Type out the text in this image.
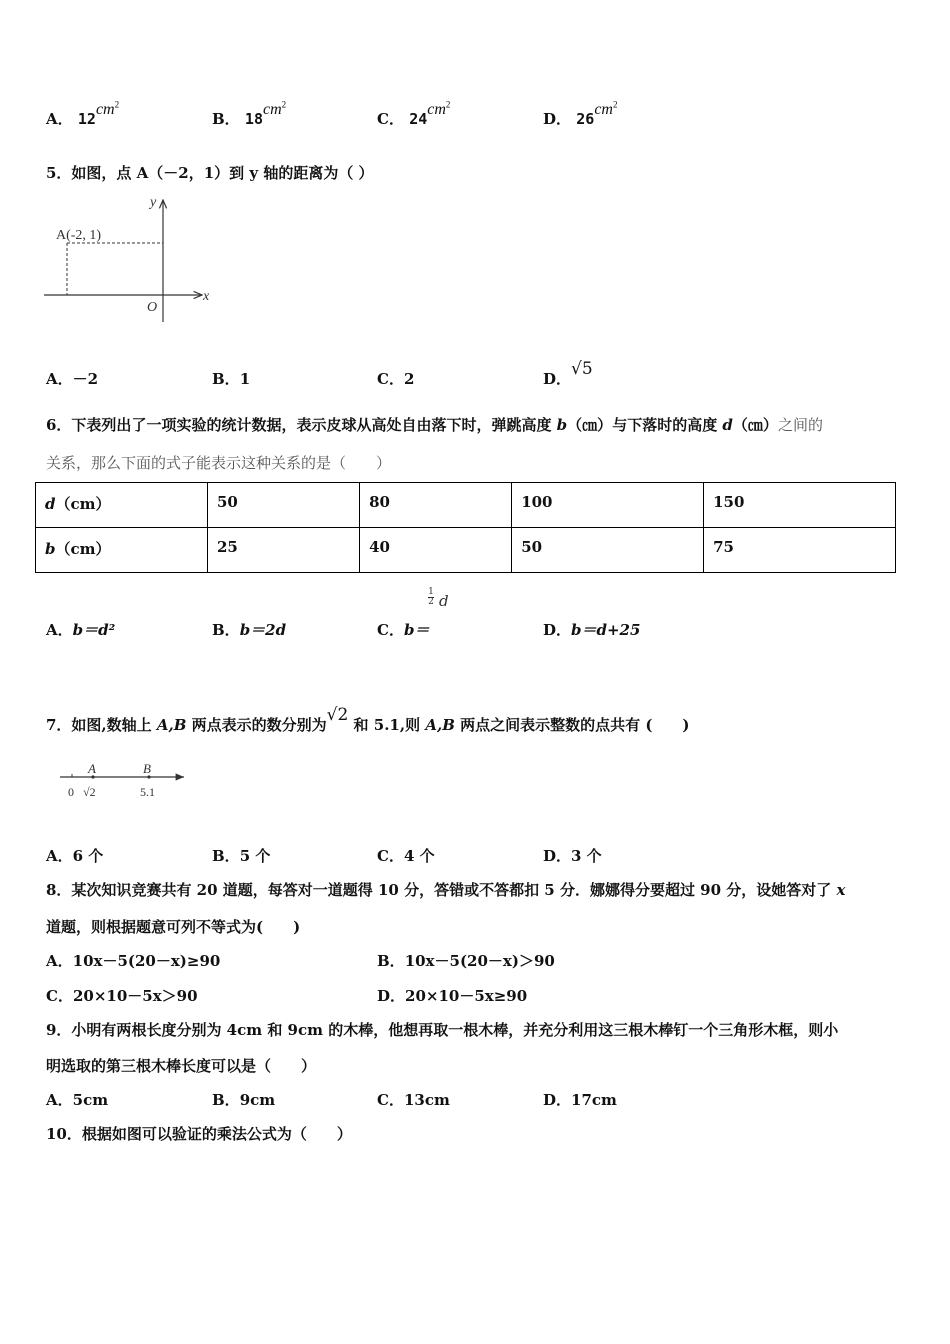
A． $12cm^2$
B． $18cm^2$
C． $24cm^2$
D． $26cm^2$
5．如图，点 A（－2，1）到 y 轴的距离为（ ）
y
x
O
A(-2, 1)
A．－2	B．1	C．2	D．√5
6．下表列出了一项实验的统计数据，表示皮球从高处自由落下时，弹跳高度 b（㎝）与下落时的高度 d（㎝）之间的
关系，那么下面的式子能表示这种关系的是（　　）
d（cm）	50	80	100	150
b（cm）	25	40	50	75
A．b＝d²	B．b＝2d	C．b＝
1
2 d
D．b＝d+25
7．如图,数轴上 A,B 两点表示的数分别为√2 和 5.1,则 A,B 两点之间表示整数的点共有 (　　)
A	B
0 √2	5.1
A．6 个	B．5 个	C．4 个	D．3 个
8．某次知识竞赛共有 20 道题，每答对一道题得 10 分，答错或不答都扣 5 分．娜娜得分要超过 90 分，设她答对了 x
道题，则根据题意可列不等式为(　　)
A．10x－5(20－x)≥90	B．10x－5(20－x)＞90
C．20×10－5x＞90	D．20×10－5x≥90
9．小明有两根长度分别为 4cm 和 9cm 的木棒，他想再取一根木棒，并充分利用这三根木棒钉一个三角形木框，则小
明选取的第三根木棒长度可以是（　　）
A．5cm	B．9cm	C．13cm	D．17cm
10．根据如图可以验证的乘法公式为（　　）
